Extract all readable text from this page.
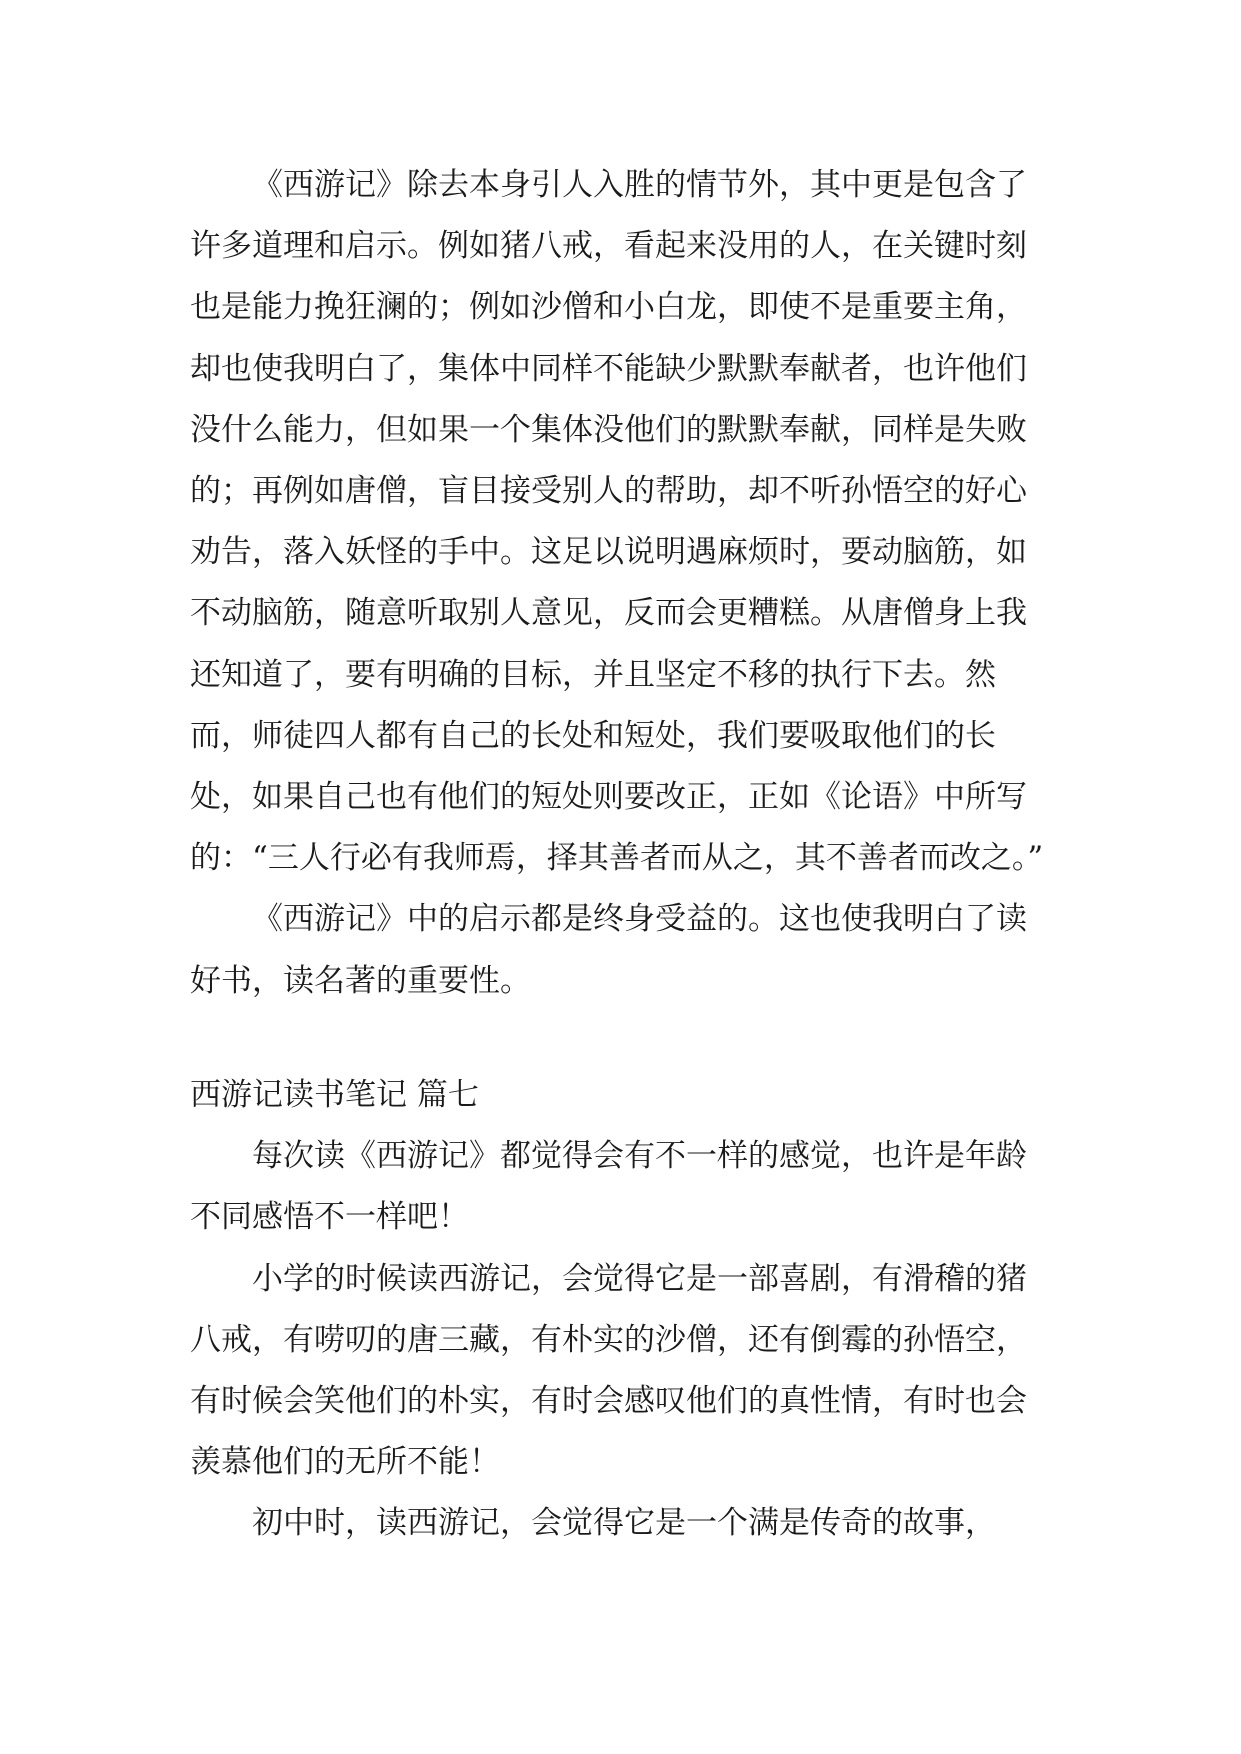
《西游记》除去本身引人入胜的情节外，其中更是包含了许多道理和启示。例如猪八戒，看起来没用的人，在关键时刻也是能力挽狂澜的；例如沙僧和小白龙，即使不是重要主角，却也使我明白了，集体中同样不能缺少默默奉献者，也许他们没什么能力，但如果一个集体没他们的默默奉献，同样是失败的；再例如唐僧，盲目接受别人的帮助，却不听孙悟空的好心劝告，落入妖怪的手中。这足以说明遇麻烦时，要动脑筋，如不动脑筋，随意听取别人意见，反而会更糟糕。从唐僧身上我还知道了，要有明确的目标，并且坚定不移的执行下去。然而，师徒四人都有自己的长处和短处，我们要吸取他们的长处，如果自己也有他们的短处则要改正，正如《论语》中所写的：“三人行必有我师焉，择其善者而从之，其不善者而改之。”

《西游记》中的启示都是终身受益的。这也使我明白了读好书，读名著的重要性。

西游记读书笔记 篇七

每次读《西游记》都觉得会有不一样的感觉，也许是年龄不同感悟不一样吧！

小学的时候读西游记，会觉得它是一部喜剧，有滑稽的猪八戒，有唠叨的唐三藏，有朴实的沙僧，还有倒霉的孙悟空，有时候会笑他们的朴实，有时会感叹他们的真性情，有时也会羡慕他们的无所不能！

初中时，读西游记，会觉得它是一个满是传奇的故事，
